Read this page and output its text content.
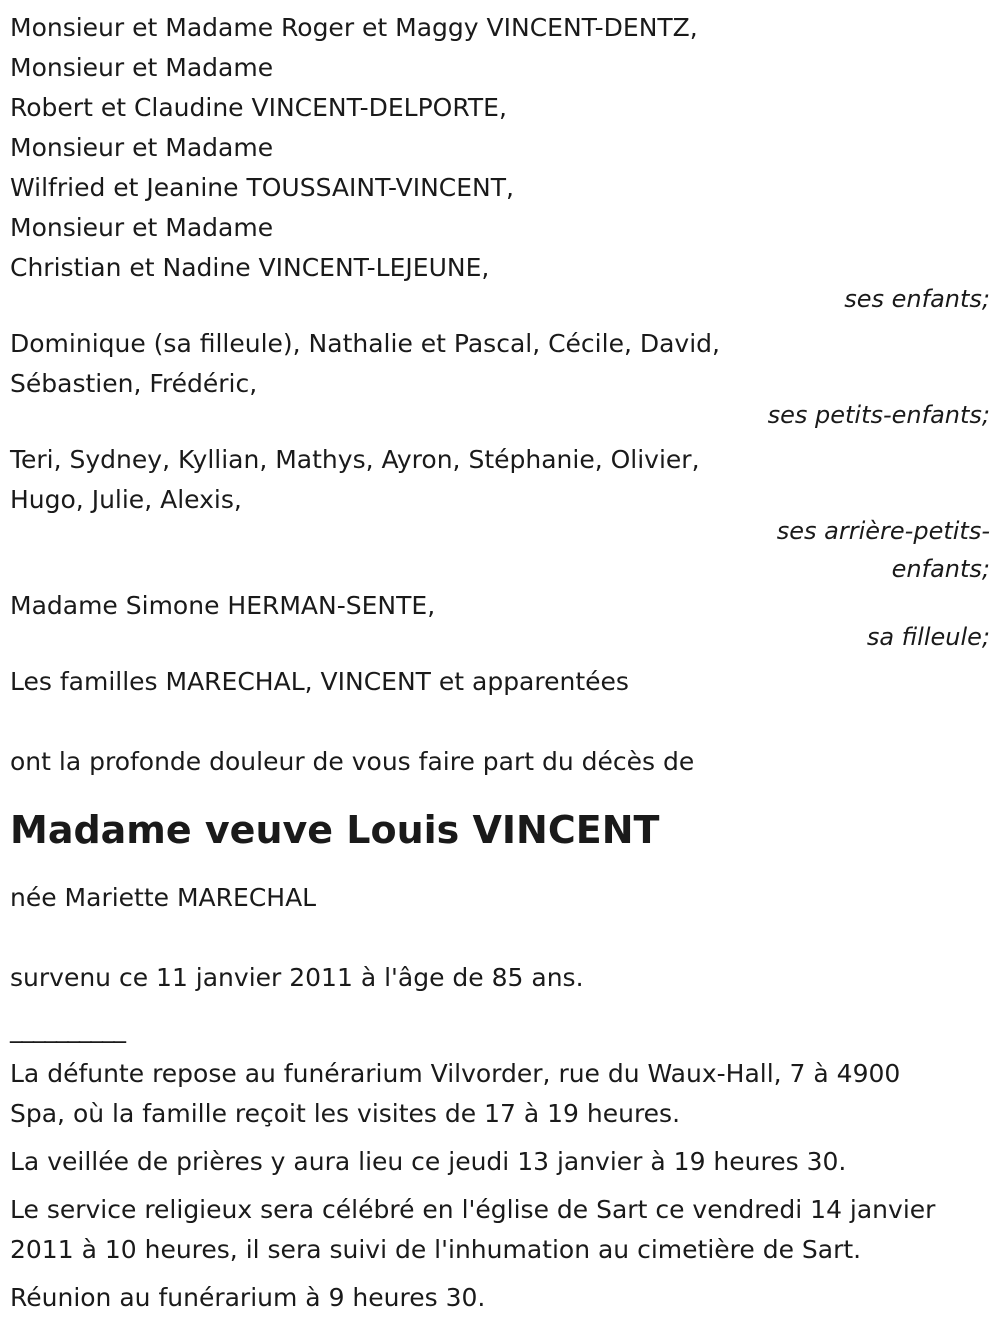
Monsieur et Madame Roger et Maggy VINCENT-DENTZ,
Monsieur et Madame
Robert et Claudine VINCENT-DELPORTE,
Monsieur et Madame
Wilfried et Jeanine TOUSSAINT-VINCENT,
Monsieur et Madame
Christian et Nadine VINCENT-LEJEUNE,

ses enfants;

Dominique (sa filleule), Nathalie et Pascal, Cécile, David,
Sébastien, Frédéric,

ses petits-enfants;

Teri, Sydney, Kyllian, Mathys, Ayron, Stéphanie, Olivier,
Hugo, Julie, Alexis,

ses arrière-petits-
enfants;

Madame Simone HERMAN-SENTE,

sa filleule;

Les familles MARECHAL, VINCENT et apparentées

ont la profonde douleur de vous faire part du décès de

Madame veuve Louis VINCENT

née Mariette MARECHAL

survenu ce 11 janvier 2011 à l'âge de 85 ans.

__________

La défunte repose au funérarium Vilvorder, rue du Waux-Hall, 7 à 4900
Spa, où la famille reçoit les visites de 17 à 19 heures.

La veillée de prières y aura lieu ce jeudi 13 janvier à 19 heures 30.

Le service religieux sera célébré en l'église de Sart ce vendredi 14 janvier
2011 à 10 heures, il sera suivi de l'inhumation au cimetière de Sart.

Réunion au funérarium à 9 heures 30.
